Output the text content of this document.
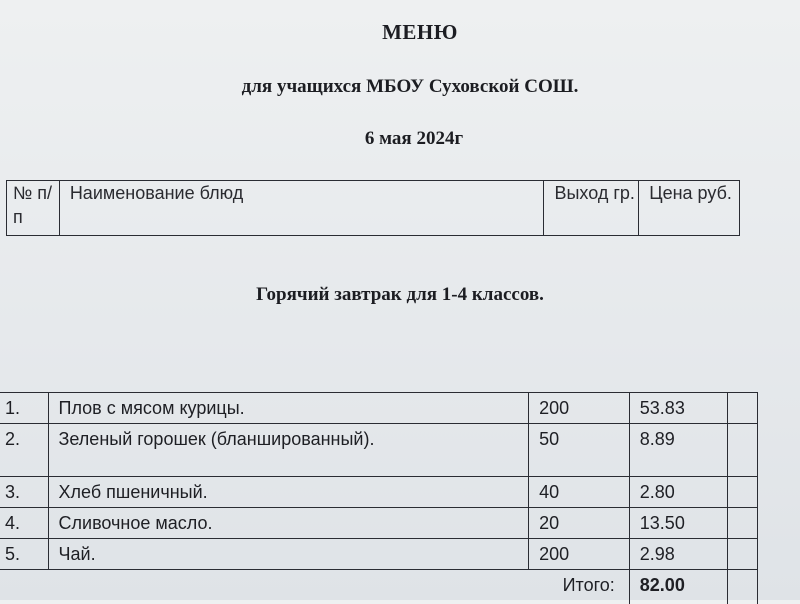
МЕНЮ
для учащихся МБОУ Суховской СОШ.
6 мая 2024г
№ п/п	Наименование блюд	Выход гр.	Цена руб.
Горячий завтрак для 1-4 классов.
1.	Плов с мясом курицы.	200	53.83	
2.	Зеленый горошек (бланшированный).	50	8.89	
3.	Хлеб пшеничный.	40	2.80	
4.	Сливочное масло.	20	13.50	
5.	Чай.	200	2.98	
		Итого:	82.00	
